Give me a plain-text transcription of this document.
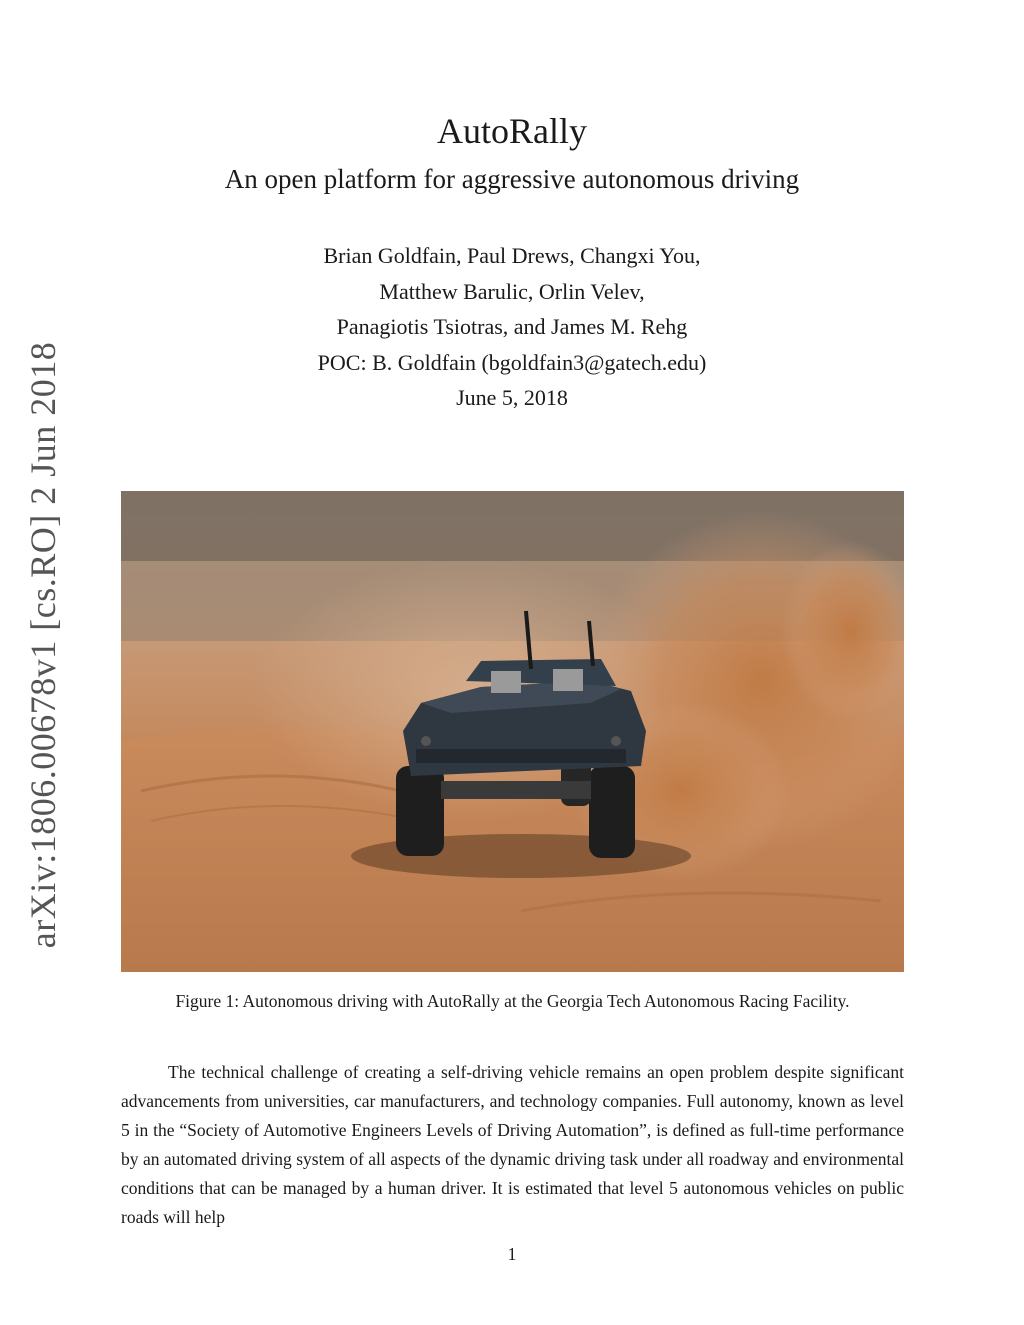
arXiv:1806.00678v1 [cs.RO] 2 Jun 2018
AutoRally
An open platform for aggressive autonomous driving
Brian Goldfain, Paul Drews, Changxi You,
Matthew Barulic, Orlin Velev,
Panagiotis Tsiotras, and James M. Rehg
POC: B. Goldfain (bgoldfain3@gatech.edu)
June 5, 2018
Figure 1: Autonomous driving with AutoRally at the Georgia Tech Autonomous Racing Facility.

The technical challenge of creating a self-driving vehicle remains an open problem despite significant advancements from universities, car manufacturers, and technology companies. Full autonomy, known as level 5 in the “Society of Automotive Engineers Levels of Driving Automation”, is defined as full-time performance by an automated driving system of all aspects of the dynamic driving task under all roadway and environmental conditions that can be managed by a human driver. It is estimated that level 5 autonomous vehicles on public roads will help

1
